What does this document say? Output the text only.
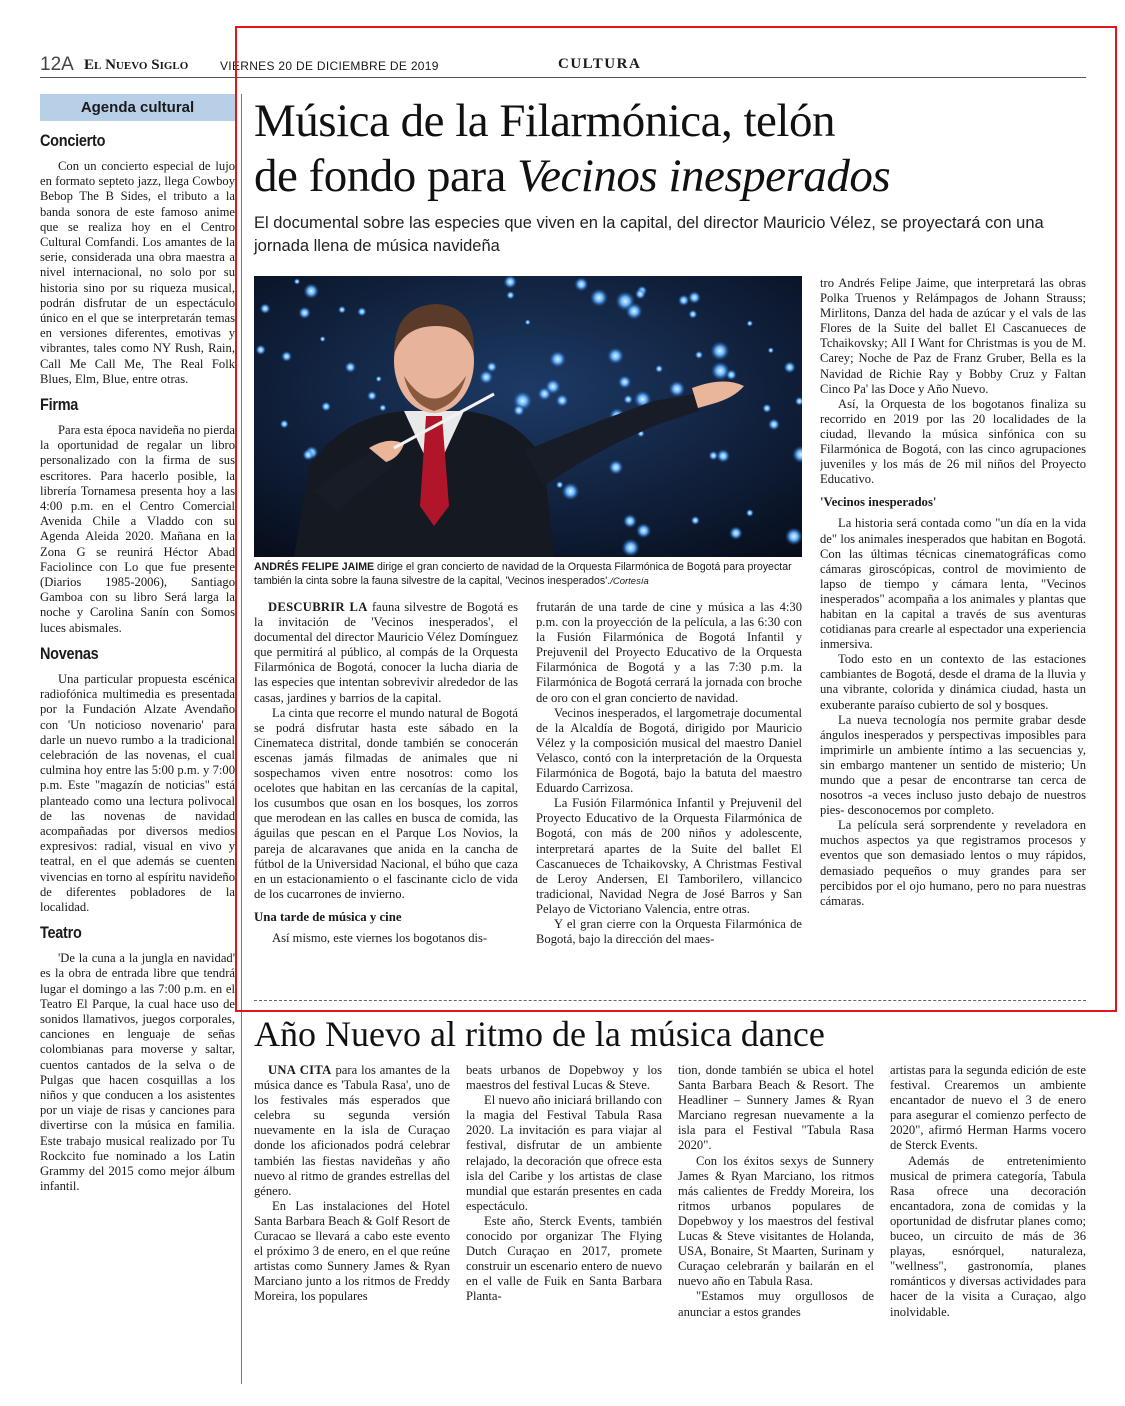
12A El Nuevo Siglo	VIERNES 20 DE DICIEMBRE DE 2019	CULTURA
Agenda cultural
Concierto

Con un concierto especial de lujo en formato septeto jazz, llega Cowboy Bebop The B Sides, el tributo a la banda sonora de este famoso anime que se realiza hoy en el Centro Cultural Comfandi. Los amantes de la serie, considerada una obra maestra a nivel internacional, no solo por su historia sino por su riqueza musical, podrán disfrutar de un espectáculo único en el que se interpretarán temas en versiones diferentes, emotivas y vibrantes, tales como NY Rush, Rain, Call Me Call Me, The Real Folk Blues, Elm, Blue, entre otras.

Firma

Para esta época navideña no pierda la oportunidad de regalar un libro personalizado con la firma de sus escritores. Para hacerlo posible, la librería Tornamesa presenta hoy a las 4:00 p.m. en el Centro Comercial Avenida Chile a Vladdo con su Agenda Aleida 2020. Mañana en la Zona G se reunirá Héctor Abad Faciolince con Lo que fue presente (Diarios 1985-2006), Santiago Gamboa con su libro Será larga la noche y Carolina Sanín con Somos luces abismales.

Novenas

Una particular propuesta escénica radiofónica multimedia es presentada por la Fundación Alzate Avendaño con 'Un noticioso novenario' para darle un nuevo rumbo a la tradicional celebración de las novenas, el cual culmina hoy entre las 5:00 p.m. y 7:00 p.m. Este "magazín de noticias" está planteado como una lectura polivocal de las novenas de navidad acompañadas por diversos medios expresivos: radial, visual en vivo y teatral, en el que además se cuenten vivencias en torno al espíritu navideño de diferentes pobladores de la localidad.

Teatro

'De la cuna a la jungla en navidad' es la obra de entrada libre que tendrá lugar el domingo a las 7:00 p.m. en el Teatro El Parque, la cual hace uso de sonidos llamativos, juegos corporales, canciones en lenguaje de señas colombianas para moverse y saltar, cuentos cantados de la selva o de Pulgas que hacen cosquillas a los niños y que conducen a los asistentes por un viaje de risas y canciones para divertirse con la música en familia. Este trabajo musical realizado por Tu Rockcito fue nominado a los Latin Grammy del 2015 como mejor álbum infantil.

Música de la Filarmónica, telón
de fondo para Vecinos inesperados
El documental sobre las especies que viven en la capital, del director Mauricio Vélez, se proyectará con una jornada llena de música navideña
ANDRÉS FELIPE JAIME dirige el gran concierto de navidad de la Orquesta Filarmónica de Bogotá para proyectar también la cinta sobre la fauna silvestre de la capital, 'Vecinos inesperados'./Cortesía

DESCUBRIR LA fauna silvestre de Bogotá es la invitación de 'Vecinos inesperados', el documental del director Mauricio Vélez Domínguez que permitirá al público, al compás de la Orquesta Filarmónica de Bogotá, conocer la lucha diaria de las especies que intentan sobrevivir alrededor de las casas, jardines y barrios de la capital.

La cinta que recorre el mundo natural de Bogotá se podrá disfrutar hasta este sábado en la Cinemateca distrital, donde también se conocerán escenas jamás filmadas de animales que ni sospechamos viven entre nosotros: como los ocelotes que habitan en las cercanías de la capital, los cusumbos que osan en los bosques, los zorros que merodean en las calles en busca de comida, las águilas que pescan en el Parque Los Novios, la pareja de alcaravanes que anida en la cancha de fútbol de la Universidad Nacional, el búho que caza en un estacionamiento o el fascinante ciclo de vida de los cucarrones de invierno.

Una tarde de música y cine

Así mismo, este viernes los bogotanos dis-

frutarán de una tarde de cine y música a las 4:30 p.m. con la proyección de la película, a las 6:30 con la Fusión Filarmónica de Bogotá Infantil y Prejuvenil del Proyecto Educativo de la Orquesta Filarmónica de Bogotá y a las 7:30 p.m. la Filarmónica de Bogotá cerrará la jornada con broche de oro con el gran concierto de navidad.

Vecinos inesperados, el largometraje documental de la Alcaldía de Bogotá, dirigido por Mauricio Vélez y la composición musical del maestro Daniel Velasco, contó con la interpretación de la Orquesta Filarmónica de Bogotá, bajo la batuta del maestro Eduardo Carrizosa.

La Fusión Filarmónica Infantil y Prejuvenil del Proyecto Educativo de la Orquesta Filarmónica de Bogotá, con más de 200 niños y adolescente, interpretará apartes de la Suite del ballet El Cascanueces de Tchaikovsky, A Christmas Festival de Leroy Andersen, El Tamborilero, villancico tradicional, Navidad Negra de José Barros y San Pelayo de Victoriano Valencia, entre otras.

Y el gran cierre con la Orquesta Filarmónica de Bogotá, bajo la dirección del maes-

tro Andrés Felipe Jaime, que interpretará las obras Polka Truenos y Relámpagos de Johann Strauss; Mirlitons, Danza del hada de azúcar y el vals de las Flores de la Suite del ballet El Cascanueces de Tchaikovsky; All I Want for Christmas is you de M. Carey; Noche de Paz de Franz Gruber, Bella es la Navidad de Richie Ray y Bobby Cruz y Faltan Cinco Pa' las Doce y Año Nuevo.

Así, la Orquesta de los bogotanos finaliza su recorrido en 2019 por las 20 localidades de la ciudad, llevando la música sinfónica con su Filarmónica de Bogotá, con las cinco agrupaciones juveniles y los más de 26 mil niños del Proyecto Educativo.

'Vecinos inesperados'

La historia será contada como "un día en la vida de" los animales inesperados que habitan en Bogotá. Con las últimas técnicas cinematográficas como cámaras giroscópicas, control de movimiento de lapso de tiempo y cámara lenta, "Vecinos inesperados" acompaña a los animales y plantas que habitan en la capital a través de sus aventuras cotidianas para crearle al espectador una experiencia inmersiva.

Todo esto en un contexto de las estaciones cambiantes de Bogotá, desde el drama de la lluvia y una vibrante, colorida y dinámica ciudad, hasta un exuberante paraíso cubierto de sol y bosques.

La nueva tecnología nos permite grabar desde ángulos inesperados y perspectivas imposibles para imprimirle un ambiente íntimo a las secuencias y, sin embargo mantener un sentido de misterio; Un mundo que a pesar de encontrarse tan cerca de nosotros -a veces incluso justo debajo de nuestros pies- desconocemos por completo.

La película será sorprendente y reveladora en muchos aspectos ya que registramos procesos y eventos que son demasiado lentos o muy rápidos, demasiado pequeños o muy grandes para ser percibidos por el ojo humano, pero no para nuestras cámaras.

Año Nuevo al ritmo de la música dance

UNA CITA para los amantes de la música dance es 'Tabula Rasa', uno de los festivales más esperados que celebra su segunda versión nuevamente en la isla de Curaçao donde los aficionados podrá celebrar también las fiestas navideñas y año nuevo al ritmo de grandes estrellas del género.

En Las instalaciones del Hotel Santa Barbara Beach & Golf Resort de Curacao se llevará a cabo este evento el próximo 3 de enero, en el que reúne artistas como Sunnery James & Ryan Marciano junto a los ritmos de Freddy Moreira, los populares

beats urbanos de Dopebwoy y los maestros del festival Lucas & Steve.

El nuevo año iniciará brillando con la magia del Festival Tabula Rasa 2020. La invitación es para viajar al festival, disfrutar de un ambiente relajado, la decoración que ofrece esta isla del Caribe y los artistas de clase mundial que estarán presentes en cada espectáculo.

Este año, Sterck Events, también conocido por organizar The Flying Dutch Curaçao en 2017, promete construir un escenario entero de nuevo en el valle de Fuik en Santa Barbara Planta-

tion, donde también se ubica el hotel Santa Barbara Beach & Resort. The Headliner – Sunnery James & Ryan Marciano regresan nuevamente a la isla para el Festival "Tabula Rasa 2020".

Con los éxitos sexys de Sunnery James & Ryan Marciano, los ritmos más calientes de Freddy Moreira, los ritmos urbanos populares de Dopebwoy y los maestros del festival Lucas & Steve visitantes de Holanda, USA, Bonaire, St Maarten, Surinam y Curaçao celebrarán y bailarán en el nuevo año en Tabula Rasa.

"Estamos muy orgullosos de anunciar a estos grandes

artistas para la segunda edición de este festival. Crearemos un ambiente encantador de nuevo el 3 de enero para asegurar el comienzo perfecto de 2020", afirmó Herman Harms vocero de Sterck Events.

Además de entretenimiento musical de primera categoría, Tabula Rasa ofrece una decoración encantadora, zona de comidas y la oportunidad de disfrutar planes como; buceo, un circuito de más de 36 playas, esnórquel, naturaleza, "wellness", gastronomía, planes románticos y diversas actividades para hacer de la visita a Curaçao, algo inolvidable.
